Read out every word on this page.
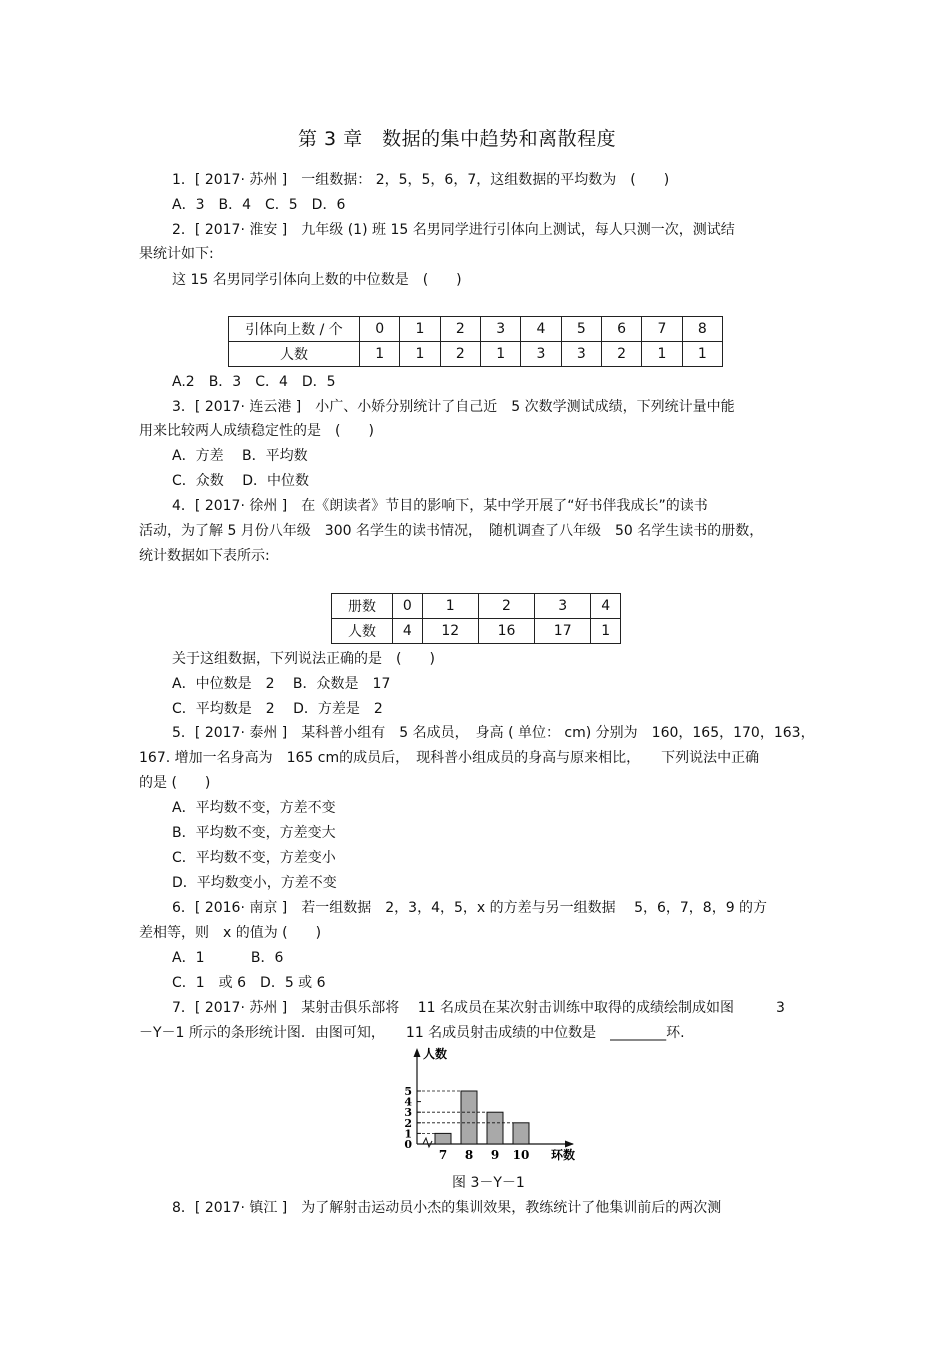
第 3 章　数据的集中趋势和离散程度
1．[ 2017· 苏州 ]　一组数据： 2，5，5，6，7，这组数据的平均数为　(　　)
A．3　B．4　C．5　D．6
2．[ 2017· 淮安 ]　九年级 (1) 班 15 名男同学进行引体向上测试，每人只测一次，测试结
果统计如下:
这 15 名男同学引体向上数的中位数是　(　　)
引体向上数 / 个	0	1	2	3	4	5	6	7	8
人数	1	1	2	1	3	3	2	1	1
A.2　B．3　C．4　D．5
3．[ 2017· 连云港 ]　小广、小娇分别统计了自己近　5 次数学测试成绩，下列统计量中能
用来比较两人成绩稳定性的是　(　　)
A．方差　 B．平均数
C．众数　 D．中位数
4．[ 2017· 徐州 ]　在《朗读者》节目的影响下，某中学开展了“好书伴我成长”的读书
活动，为了解 5 月份八年级　300 名学生的读书情况，　随机调查了八年级　50 名学生读书的册数，
统计数据如下表所示:
册数	0	1	2	3	4
人数	4	12	16	17	1
关于这组数据，下列说法正确的是　(　　)
A．中位数是　2　 B．众数是　17
C．平均数是　2　 D．方差是　2
5．[ 2017· 泰州 ]　某科普小组有　5 名成员，　身高 ( 单位： cm) 分别为　160，165，170，163，
167. 增加一名身高为　165 cm的成员后，　现科普小组成员的身高与原来相比，　　下列说法中正确
的是 (　　)
A．平均数不变，方差不变
B．平均数不变，方差变大
C．平均数不变，方差变小
D．平均数变小，方差不变
6．[ 2016· 南京 ]　若一组数据　2，3，4，5，x 的方差与另一组数据　 5，6，7，8，9 的方
差相等，则　x 的值为 (　　)
A．1　　　 B．6
C．1　或 6　D．5 或 6
7．[ 2017· 苏州 ]　某射击俱乐部将　 11 名成员在某次射击训练中取得的成绩绘制成如图　　　3
－Y－1 所示的条形统计图．由图可知，　　11 名成员射击成绩的中位数是　________环.
人数
环数
0
1
2
3
4
5
7 8 9 10
图 3－Y－1
8．[ 2017· 镇江 ]　为了解射击运动员小杰的集训效果，教练统计了他集训前后的两次测
